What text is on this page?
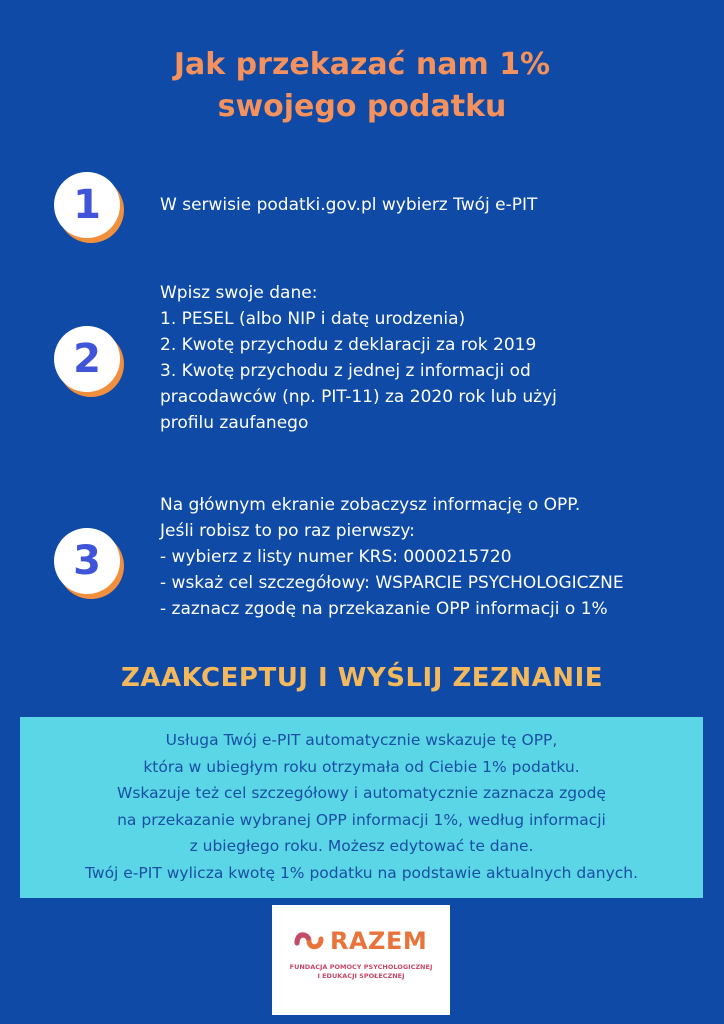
Jak przekazać nam 1%
swojego podatku
1	W serwisie podatki.gov.pl wybierz Twój e-PIT
2
Wpisz swoje dane:
1. PESEL (albo NIP i datę urodzenia)
2. Kwotę przychodu z deklaracji za rok 2019
3. Kwotę przychodu z jednej z informacji od
pracodawców (np. PIT-11) za 2020 rok lub użyj
profilu zaufanego
3
Na głównym ekranie zobaczysz informację o OPP.
Jeśli robisz to po raz pierwszy:
- wybierz z listy numer KRS: 0000215720
- wskaż cel szczegółowy: WSPARCIE PSYCHOLOGICZNE
- zaznacz zgodę na przekazanie OPP informacji o 1%
ZAAKCEPTUJ I WYŚLIJ ZEZNANIE
Usługa Twój e-PIT automatycznie wskazuje tę OPP,
która w ubiegłym roku otrzymała od Ciebie 1% podatku.
Wskazuje też cel szczegółowy i automatycznie zaznacza zgodę
na przekazanie wybranej OPP informacji 1%, według informacji
z ubiegłego roku. Możesz edytować te dane.
Twój e-PIT wylicza kwotę 1% podatku na podstawie aktualnych danych.
RAZEM
FUNDACJA POMOCY PSYCHOLOGICZNEJ
I EDUKACJI SPOŁECZNEJ
